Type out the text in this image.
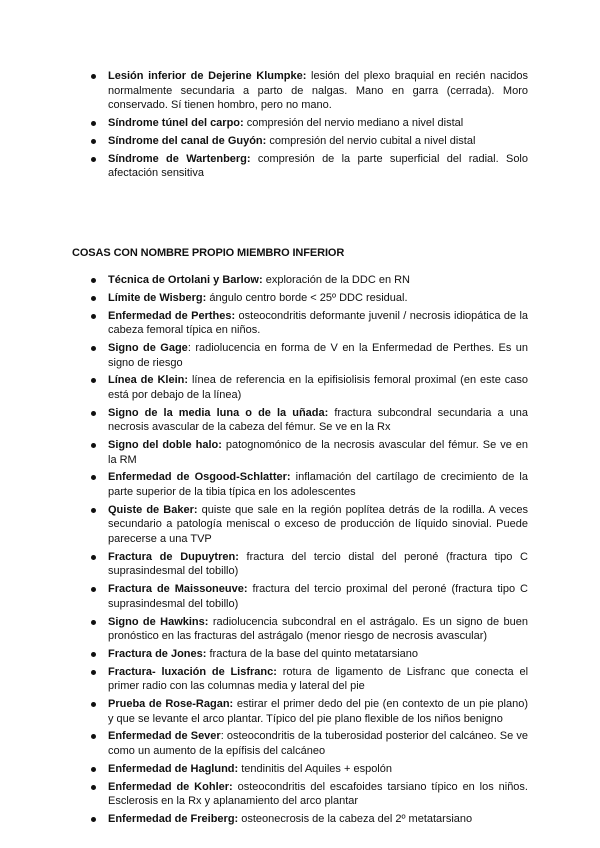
Lesión inferior de Dejerine Klumpke: lesión del plexo braquial en recién nacidos normalmente secundaria a parto de nalgas. Mano en garra (cerrada). Moro conservado. Sí tienen hombro, pero no mano.
Síndrome túnel del carpo: compresión del nervio mediano a nivel distal
Síndrome del canal de Guyón: compresión del nervio cubital a nivel distal
Síndrome de Wartenberg: compresión de la parte superficial del radial. Solo afectación sensitiva
COSAS CON NOMBRE PROPIO MIEMBRO INFERIOR
Técnica de Ortolani y Barlow: exploración de la DDC en RN
Límite de Wisberg: ángulo centro borde < 25º DDC residual.
Enfermedad de Perthes: osteocondritis deformante juvenil / necrosis idiopática de la cabeza femoral típica en niños.
Signo de Gage: radiolucencia en forma de V en la Enfermedad de Perthes. Es un signo de riesgo
Línea de Klein: línea de referencia en la epifisiolisis femoral proximal (en este caso está por debajo de la línea)
Signo de la media luna o de la uñada: fractura subcondral secundaria a una necrosis avascular de la cabeza del fémur. Se ve en la Rx
Signo del doble halo: patognomónico de la necrosis avascular del fémur. Se ve en la RM
Enfermedad de Osgood-Schlatter: inflamación del cartílago de crecimiento de la parte superior de la tibia típica en los adolescentes
Quiste de Baker: quiste que sale en la región poplítea detrás de la rodilla. A veces secundario a patología meniscal o exceso de producción de líquido sinovial. Puede parecerse a una TVP
Fractura de Dupuytren: fractura del tercio distal del peroné (fractura tipo C suprasindesmal del tobillo)
Fractura de Maissoneuve: fractura del tercio proximal del peroné (fractura tipo C suprasindesmal del tobillo)
Signo de Hawkins: radiolucencia subcondral en el astrágalo. Es un signo de buen pronóstico en las fracturas del astrágalo (menor riesgo de necrosis avascular)
Fractura de Jones: fractura de la base del quinto metatarsiano
Fractura- luxación de Lisfranc: rotura de ligamento de Lisfranc que conecta el primer radio con las columnas media y lateral del pie
Prueba de Rose-Ragan: estirar el primer dedo del pie (en contexto de un pie plano) y que se levante el arco plantar. Típico del pie plano flexible de los niños benigno
Enfermedad de Sever: osteocondritis de la tuberosidad posterior del calcáneo. Se ve como un aumento de la epífisis del calcáneo
Enfermedad de Haglund: tendinitis del Aquiles + espolón
Enfermedad de Kohler: osteocondritis del escafoides tarsiano típico en los niños. Esclerosis en la Rx y aplanamiento del arco plantar
Enfermedad de Freiberg: osteonecrosis de la cabeza del 2º metatarsiano
